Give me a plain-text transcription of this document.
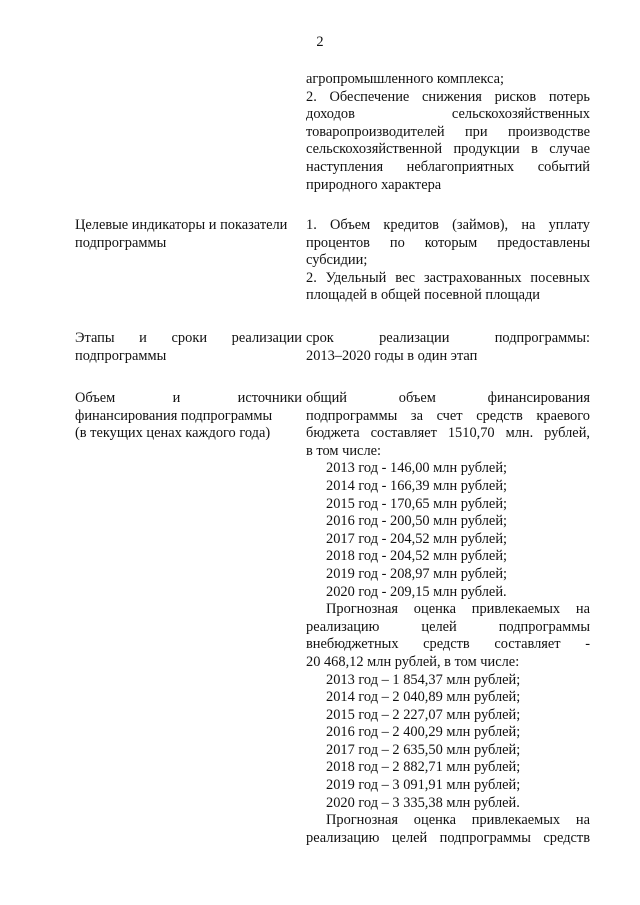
2
агропромышленного комплекса;
2. Обеспечение снижения рисков потерь
доходов сельскохозяйственных
товаропроизводителей при производстве
сельскохозяйственной продукции в случае
наступления неблагоприятных событий
природного характера
Целевые индикаторы и показатели
подпрограммы
1. Объем кредитов (займов), на уплату
процентов по которым предоставлены
субсидии;
2. Удельный вес застрахованных посевных
площадей в общей посевной площади
Этапы и сроки реализации
подпрограммы
срок реализации подпрограммы:
2013–2020 годы в один этап
Объем и источники
финансирования подпрограммы
(в текущих ценах каждого года)
общий объем финансирования
подпрограммы за счет средств краевого
бюджета составляет 1510,70 млн. рублей,
в том числе:
2013 год - 146,00 млн рублей;
2014 год - 166,39 млн рублей;
2015 год - 170,65 млн рублей;
2016 год - 200,50 млн рублей;
2017 год - 204,52 млн рублей;
2018 год - 204,52 млн рублей;
2019 год - 208,97 млн рублей;
2020 год - 209,15 млн рублей.
Прогнозная оценка привлекаемых на
реализацию целей подпрограммы
внебюджетных средств составляет -
20 468,12 млн рублей, в том числе:
2013 год – 1 854,37 млн рублей;
2014 год – 2 040,89 млн рублей;
2015 год – 2 227,07 млн рублей;
2016 год – 2 400,29 млн рублей;
2017 год – 2 635,50 млн рублей;
2018 год – 2 882,71 млн рублей;
2019 год – 3 091,91 млн рублей;
2020 год – 3 335,38 млн рублей.
Прогнозная оценка привлекаемых на
реализацию целей подпрограммы средств
